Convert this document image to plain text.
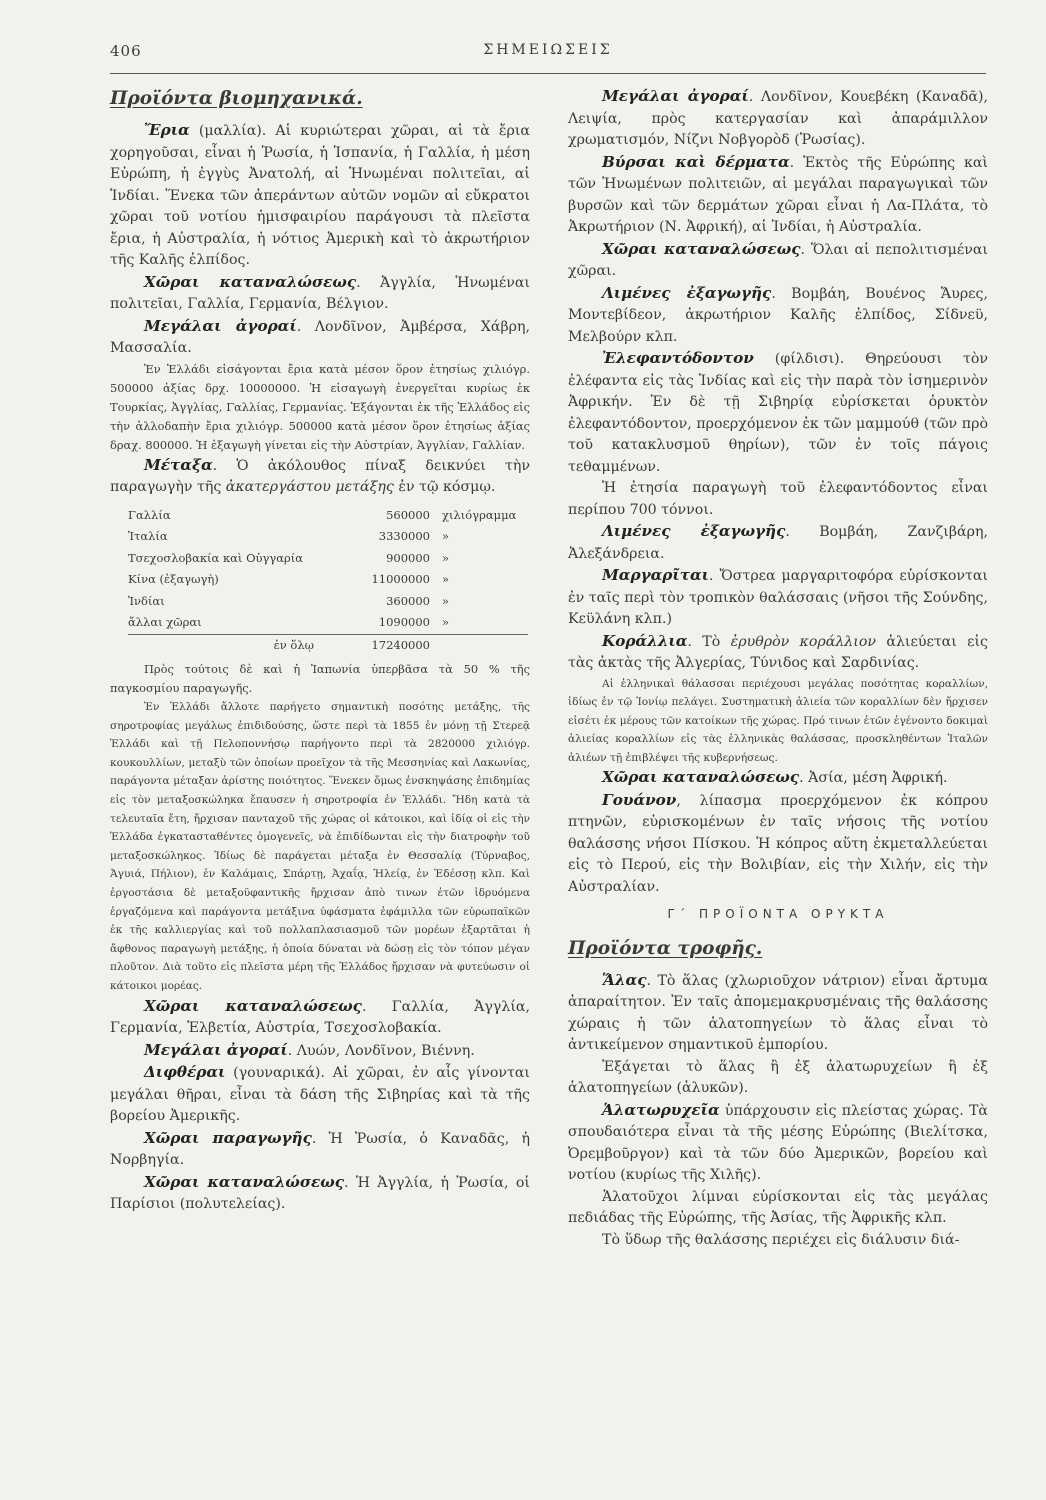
406	ΣΗΜΕΙΩΣΕΙΣ
Προϊόντα βιομηχανικά.

Ἔρια (μαλλία). Αἱ κυριώτεραι χῶραι, αἱ τὰ ἔρια χορηγοῦσαι, εἶναι ἡ Ῥωσία, ἡ Ἱσπανία, ἡ Γαλλία, ἡ μέση Εὐρώπη, ἡ ἐγγὺς Ἀνατολή, αἱ Ἡνωμέναι πολιτεῖαι, αἱ Ἰνδίαι. Ἕνεκα τῶν ἀπεράντων αὐτῶν νομῶν αἱ εὔκρατοι χῶραι τοῦ νοτίου ἡμισφαιρίου παράγουσι τὰ πλεῖστα ἔρια, ἡ Αὐστραλία, ἡ νότιος Ἀμερικὴ καὶ τὸ ἀκρωτήριον τῆς Καλῆς ἐλπίδος.

Χῶραι καταναλώσεως. Ἀγγλία, Ἡνωμέναι πολιτεῖαι, Γαλλία, Γερμανία, Βέλγιον.

Μεγάλαι ἀγοραί. Λονδῖνον, Ἀμβέρσα, Χάβρη, Μασσαλία.

Ἐν Ἑλλάδι εἰσάγονται ἔρια κατὰ μέσον ὅρον ἐτησίως χιλιόγρ. 500000 ἀξίας δρχ. 10000000. Ἡ εἰσαγωγὴ ἐνεργεῖται κυρίως ἐκ Τουρκίας, Ἀγγλίας, Γαλλίας, Γερμανίας. Ἐξάγονται ἐκ τῆς Ἑλλάδος εἰς τὴν ἀλλοδαπὴν ἔρια χιλιόγρ. 500000 κατὰ μέσον ὅρον ἐτησίως ἀξίας δραχ. 800000. Ἡ ἐξαγωγὴ γίνεται εἰς τὴν Αὐστρίαν, Ἀγγλίαν, Γαλλίαν.

Μέταξα. Ὁ ἀκόλουθος πίναξ δεικνύει τὴν παραγωγὴν τῆς ἀκατεργάστου μετάξης ἐν τῷ κόσμῳ.

Γαλλία	560000	χιλιόγραμμα
Ἰταλία	3330000	»
Τσεχοσλοβακία καὶ Οὑγγαρία	900000	»
Κίνα (ἐξαγωγὴ)	11000000	»
Ἰνδίαι	360000	»
ἄλλαι χῶραι	1090000	»
ἐν ὅλῳ	17240000	

Πρὸς τούτοις δὲ καὶ ἡ Ἰαπωνία ὑπερβᾶσα τὰ 50 % τῆς παγκοσμίου παραγωγῆς.

Ἐν Ἑλλάδι ἄλλοτε παρήγετο σημαντικὴ ποσότης μετάξης, τῆς σηροτροφίας μεγάλως ἐπιδιδούσης, ὥστε περὶ τὰ 1855 ἐν μόνῃ τῇ Στερεᾷ Ἑλλάδι καὶ τῇ Πελοποννήσῳ παρήγοντο περὶ τὰ 2820000 χιλιόγρ. κουκουλλίων, μεταξὺ τῶν ὁποίων προεῖχον τὰ τῆς Μεσσηνίας καὶ Λακωνίας, παράγοντα μέταξαν ἀρίστης ποιότητος. Ἕνεκεν ὅμως ἐνσκηψάσης ἐπιδημίας εἰς τὸν μεταξοσκώληκα ἔπαυσεν ἡ σηροτροφία ἐν Ἑλλάδι. Ἤδη κατὰ τὰ τελευταῖα ἔτη, ἤρχισαν πανταχοῦ τῆς χώρας οἱ κάτοικοι, καὶ ἰδίᾳ οἱ εἰς τὴν Ἑλλάδα ἐγκατασταθέντες ὁμογενεῖς, νὰ ἐπιδίδωνται εἰς τὴν διατροφὴν τοῦ μεταξοσκώληκος. Ἰδίως δὲ παράγεται μέταξα ἐν Θεσσαλίᾳ (Τύρναβος, Ἀγυιά, Πήλιον), ἐν Καλάμαις, Σπάρτῃ, Ἀχαΐᾳ, Ἠλείᾳ, ἐν Ἐδέσσῃ κλπ. Καὶ ἐργοστάσια δὲ μεταξοϋφαντικῆς ἤρχισαν ἀπὸ τινων ἐτῶν ἱδρυόμενα ἐργαζόμενα καὶ παράγοντα μετάξινα ὑφάσματα ἐφάμιλλα τῶν εὐρωπαϊκῶν ἐκ τῆς καλλιεργίας καὶ τοῦ πολλαπλασιασμοῦ τῶν μορέων ἐξαρτᾶται ἡ ἄφθονος παραγωγὴ μετάξης, ἡ ὁποία δύναται νὰ δώσῃ εἰς τὸν τόπον μέγαν πλοῦτον. Διὰ τοῦτο εἰς πλεῖστα μέρη τῆς Ἑλλάδος ἤρχισαν νὰ φυτεύωσιν οἱ κάτοικοι μορέας.

Χῶραι καταναλώσεως. Γαλλία, Ἀγγλία, Γερμανία, Ἑλβετία, Αὐστρία, Τσεχοσλοβακία.

Μεγάλαι ἀγοραί. Λυών, Λονδῖνον, Βιέννη.

Διφθέραι (γουναρικά). Αἱ χῶραι, ἐν αἷς γίνονται μεγάλαι θῆραι, εἶναι τὰ δάση τῆς Σιβηρίας καὶ τὰ τῆς βορείου Ἀμερικῆς.

Χῶραι παραγωγῆς. Ἡ Ῥωσία, ὁ Καναδᾶς, ἡ Νορβηγία.

Χῶραι καταναλώσεως. Ἡ Ἀγγλία, ἡ Ῥωσία, οἱ Παρίσιοι (πολυτελείας).

Μεγάλαι ἀγοραί. Λονδῖνον, Κουεβέκη (Καναδᾶ), Λειψία, πρὸς κατεργασίαν καὶ ἀπαράμιλλον χρωματισμόν, Νίζνι Νοβγορὸδ (Ῥωσίας).

Βύρσαι καὶ δέρματα. Ἐκτὸς τῆς Εὐρώπης καὶ τῶν Ἡνωμένων πολιτειῶν, αἱ μεγάλαι παραγωγικαὶ τῶν βυρσῶν καὶ τῶν δερμάτων χῶραι εἶναι ἡ Λα-Πλάτα, τὸ Ἀκρωτήριον (Ν. Ἀφρική), αἱ Ἰνδίαι, ἡ Αὐστραλία.

Χῶραι καταναλώσεως. Ὅλαι αἱ πεπολιτισμέναι χῶραι.

Λιμένες ἐξαγωγῆς. Βομβάη, Βουένος Ἄυρες, Μοντεβίδεον, ἀκρωτήριον Καλῆς ἐλπίδος, Σίδνεϋ, Μελβούρν κλπ.

Ἐλεφαντόδοντον (φίλδισι). Θηρεύουσι τὸν ἐλέφαντα εἰς τὰς Ἰνδίας καὶ εἰς τὴν παρὰ τὸν ἰσημερινὸν Ἀφρικήν. Ἐν δὲ τῇ Σιβηρίᾳ εὑρίσκεται ὀρυκτὸν ἐλεφαντόδοντον, προερχόμενον ἐκ τῶν μαμμούθ (τῶν πρὸ τοῦ κατακλυσμοῦ θηρίων), τῶν ἐν τοῖς πάγοις τεθαμμένων.

Ἡ ἐτησία παραγωγὴ τοῦ ἐλεφαντόδοντος εἶναι περίπου 700 τόννοι.

Λιμένες ἐξαγωγῆς. Βομβάη, Ζανζιβάρη, Ἀλεξάνδρεια.

Μαργαρῖται. Ὄστρεα μαργαριτοφόρα εὑρίσκονται ἐν ταῖς περὶ τὸν τροπικὸν θαλάσσαις (νῆσοι τῆς Σούνδης, Κεϋλάνη κλπ.)

Κοράλλια. Τὸ ἐρυθρὸν κοράλλιον ἁλιεύεται εἰς τὰς ἀκτὰς τῆς Ἀλγερίας, Τύνιδος καὶ Σαρδινίας.

Αἱ ἑλληνικαὶ θάλασσαι περιέχουσι μεγάλας ποσότητας κοραλλίων, ἰδίως ἐν τῷ Ἰονίῳ πελάγει. Συστηματικὴ ἁλιεία τῶν κοραλλίων δὲν ἤρχισεν εἰσέτι ἐκ μέρους τῶν κατοίκων τῆς χώρας. Πρό τινων ἐτῶν ἐγένοντο δοκιμαὶ ἁλιείας κοραλλίων εἰς τὰς ἑλληνικὰς θαλάσσας, προσκληθέντων Ἰταλῶν ἁλιέων τῇ ἐπιβλέψει τῆς κυβερνήσεως.

Χῶραι καταναλώσεως. Ἀσία, μέση Ἀφρική.

Γουάνον, λίπασμα προερχόμενον ἐκ κόπρου πτηνῶν, εὑρισκομένων ἐν ταῖς νήσοις τῆς νοτίου θαλάσσης νήσοι Πίσκου. Ἡ κόπρος αὕτη ἐκμεταλλεύεται εἰς τὸ Περού, εἰς τὴν Βολιβίαν, εἰς τὴν Χιλήν, εἰς τὴν Αὐστραλίαν.

Γ΄ ΠΡΟΪΟΝΤΑ ΟΡΥΚΤΑ
Προϊόντα τροφῆς.

Ἅλας. Τὸ ἅλας (χλωριοῦχον νάτριον) εἶναι ἄρτυμα ἀπαραίτητον. Ἐν ταῖς ἀπομεμακρυσμέναις τῆς θαλάσσης χώραις ἡ τῶν ἁλατοπηγείων τὸ ἅλας εἶναι τὸ ἀντικείμενον σημαντικοῦ ἐμπορίου.

Ἐξάγεται τὸ ἅλας ἢ ἐξ ἁλατωρυχείων ἢ ἐξ ἁλατοπηγείων (ἁλυκῶν).

Ἁλατωρυχεῖα ὑπάρχουσιν εἰς πλείστας χώρας. Τὰ σπουδαιότερα εἶναι τὰ τῆς μέσης Εὐρώπης (Βιελίτσκα, Ὀρεμβοῦργον) καὶ τὰ τῶν δύο Ἀμερικῶν, βορείου καὶ νοτίου (κυρίως τῆς Χιλῆς).

Ἁλατοῦχοι λίμναι εὑρίσκονται εἰς τὰς μεγάλας πεδιάδας τῆς Εὐρώπης, τῆς Ἀσίας, τῆς Ἀφρικῆς κλπ.

Τὸ ὕδωρ τῆς θαλάσσης περιέχει εἰς διάλυσιν διά-
